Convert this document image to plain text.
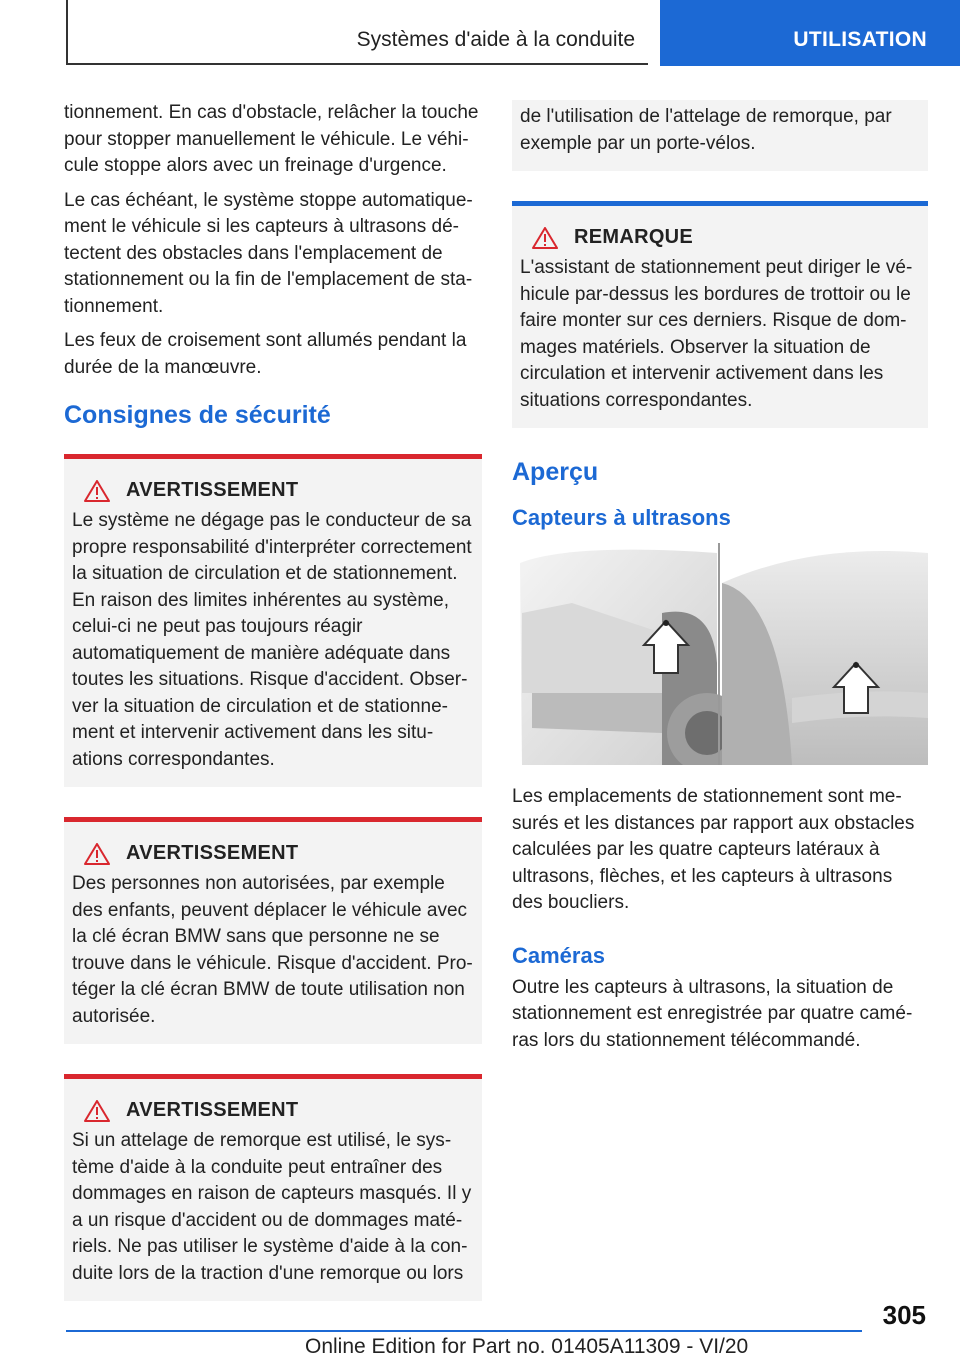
Systèmes d'aide à la conduite	UTILISATION

tionnement. En cas d'obstacle, relâcher la touche pour stopper manuellement le véhicule. Le véhicule stoppe alors avec un freinage d'urgence.

Le cas échéant, le système stoppe automatiquement le véhicule si les capteurs à ultrasons détectent des obstacles dans l'emplacement de stationnement ou la fin de l'emplacement de stationnement.

Les feux de croisement sont allumés pendant la durée de la manœuvre.

Consignes de sécurité
AVERTISSEMENT

Le système ne dégage pas le conducteur de sa propre responsabilité d'interpréter correctement la situation de circulation et de stationnement. En raison des limites inhérentes au système, celui-ci ne peut pas toujours réagir automatiquement de manière adéquate dans toutes les situations. Risque d'accident. Observer la situation de circulation et de stationnement et intervenir activement dans les situations correspondantes.

AVERTISSEMENT

Des personnes non autorisées, par exemple des enfants, peuvent déplacer le véhicule avec la clé écran BMW sans que personne ne se trouve dans le véhicule. Risque d'accident. Protéger la clé écran BMW de toute utilisation non autorisée.

AVERTISSEMENT

Si un attelage de remorque est utilisé, le système d'aide à la conduite peut entraîner des dommages en raison de capteurs masqués. Il y a un risque d'accident ou de dommages matériels. Ne pas utiliser le système d'aide à la conduite lors de la traction d'une remorque ou lors

de l'utilisation de l'attelage de remorque, par exemple par un porte-vélos.

REMARQUE

L'assistant de stationnement peut diriger le véhicule par-dessus les bordures de trottoir ou le faire monter sur ces derniers. Risque de dommages matériels. Observer la situation de circulation et intervenir activement dans les situations correspondantes.

Aperçu
Capteurs à ultrasons

Les emplacements de stationnement sont mesurés et les distances par rapport aux obstacles calculées par les quatre capteurs latéraux à ultrasons, flèches, et les capteurs à ultrasons des boucliers.

Caméras

Outre les capteurs à ultrasons, la situation de stationnement est enregistrée par quatre caméras lors du stationnement télécommandé.

305
Online Edition for Part no. 01405A11309 - VI/20
